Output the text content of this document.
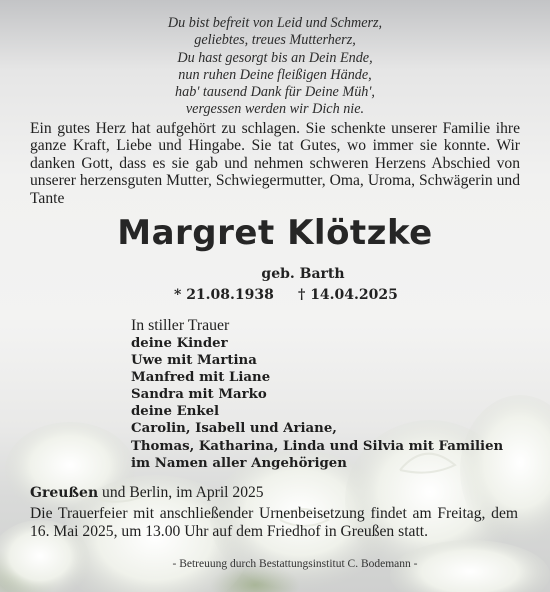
Du bist befreit von Leid und Schmerz,
geliebtes, treues Mutterherz,
Du hast gesorgt bis an Dein Ende,
nun ruhen Deine fleißigen Hände,
hab' tausend Dank für Deine Müh',
vergessen werden wir Dich nie.
Ein gutes Herz hat aufgehört zu schlagen. Sie schenkte unserer Familie ihre ganze Kraft, Liebe und Hingabe. Sie tat Gutes, wo immer sie konnte. Wir danken Gott, dass es sie gab und nehmen schweren Herzens Abschied von unserer herzensguten Mutter, Schwiegermutter, Oma, Uroma, Schwägerin und Tante
Margret Klötzke
geb. Barth
* 21.08.1938 † 14.04.2025
In stiller Trauer
deine Kinder
Uwe mit Martina
Manfred mit Liane
Sandra mit Marko
deine Enkel
Carolin, Isabell und Ariane,
Thomas, Katharina, Linda und Silvia mit Familien
im Namen aller Angehörigen
Greußen und Berlin, im April 2025
Die Trauerfeier mit anschließender Urnenbeisetzung findet am Freitag, dem 16. Mai 2025, um 13.00 Uhr auf dem Friedhof in Greußen statt.
- Betreuung durch Bestattungsinstitut C. Bodemann -
